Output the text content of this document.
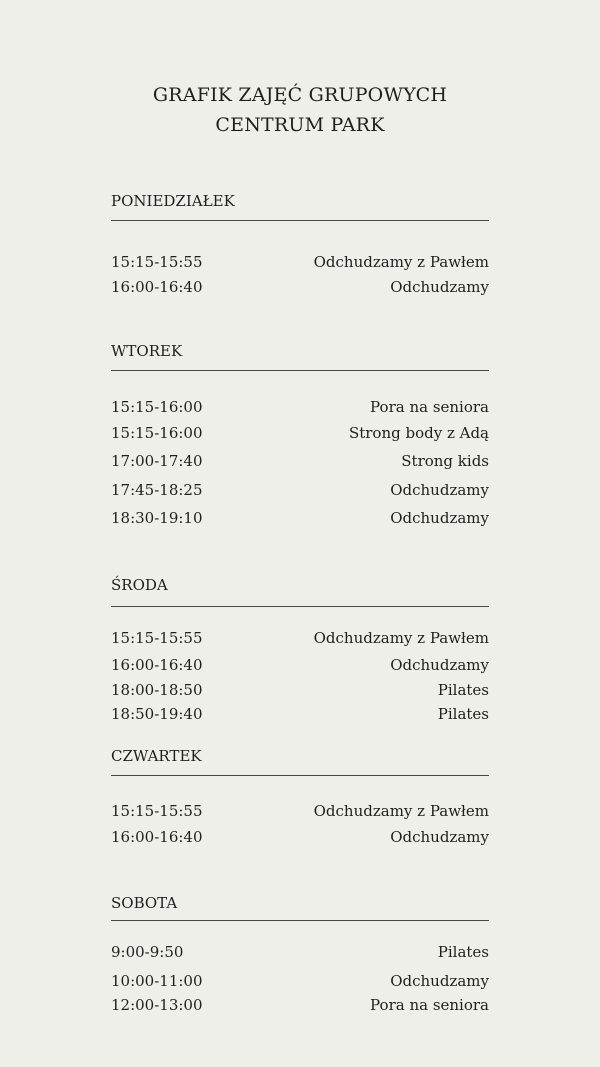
GRAFIK ZAJĘĆ GRUPOWYCH
CENTRUM PARK
PONIEDZIAŁEK
15:15-15:55	Odchudzamy z Pawłem
16:00-16:40	Odchudzamy
WTOREK
15:15-16:00	Pora na seniora
15:15-16:00	Strong body z Adą
17:00-17:40	Strong kids
17:45-18:25	Odchudzamy
18:30-19:10	Odchudzamy
ŚRODA
15:15-15:55	Odchudzamy z Pawłem
16:00-16:40	Odchudzamy
18:00-18:50	Pilates
18:50-19:40	Pilates
CZWARTEK
15:15-15:55	Odchudzamy z Pawłem
16:00-16:40	Odchudzamy
SOBOTA
9:00-9:50	Pilates
10:00-11:00	Odchudzamy
12:00-13:00	Pora na seniora
